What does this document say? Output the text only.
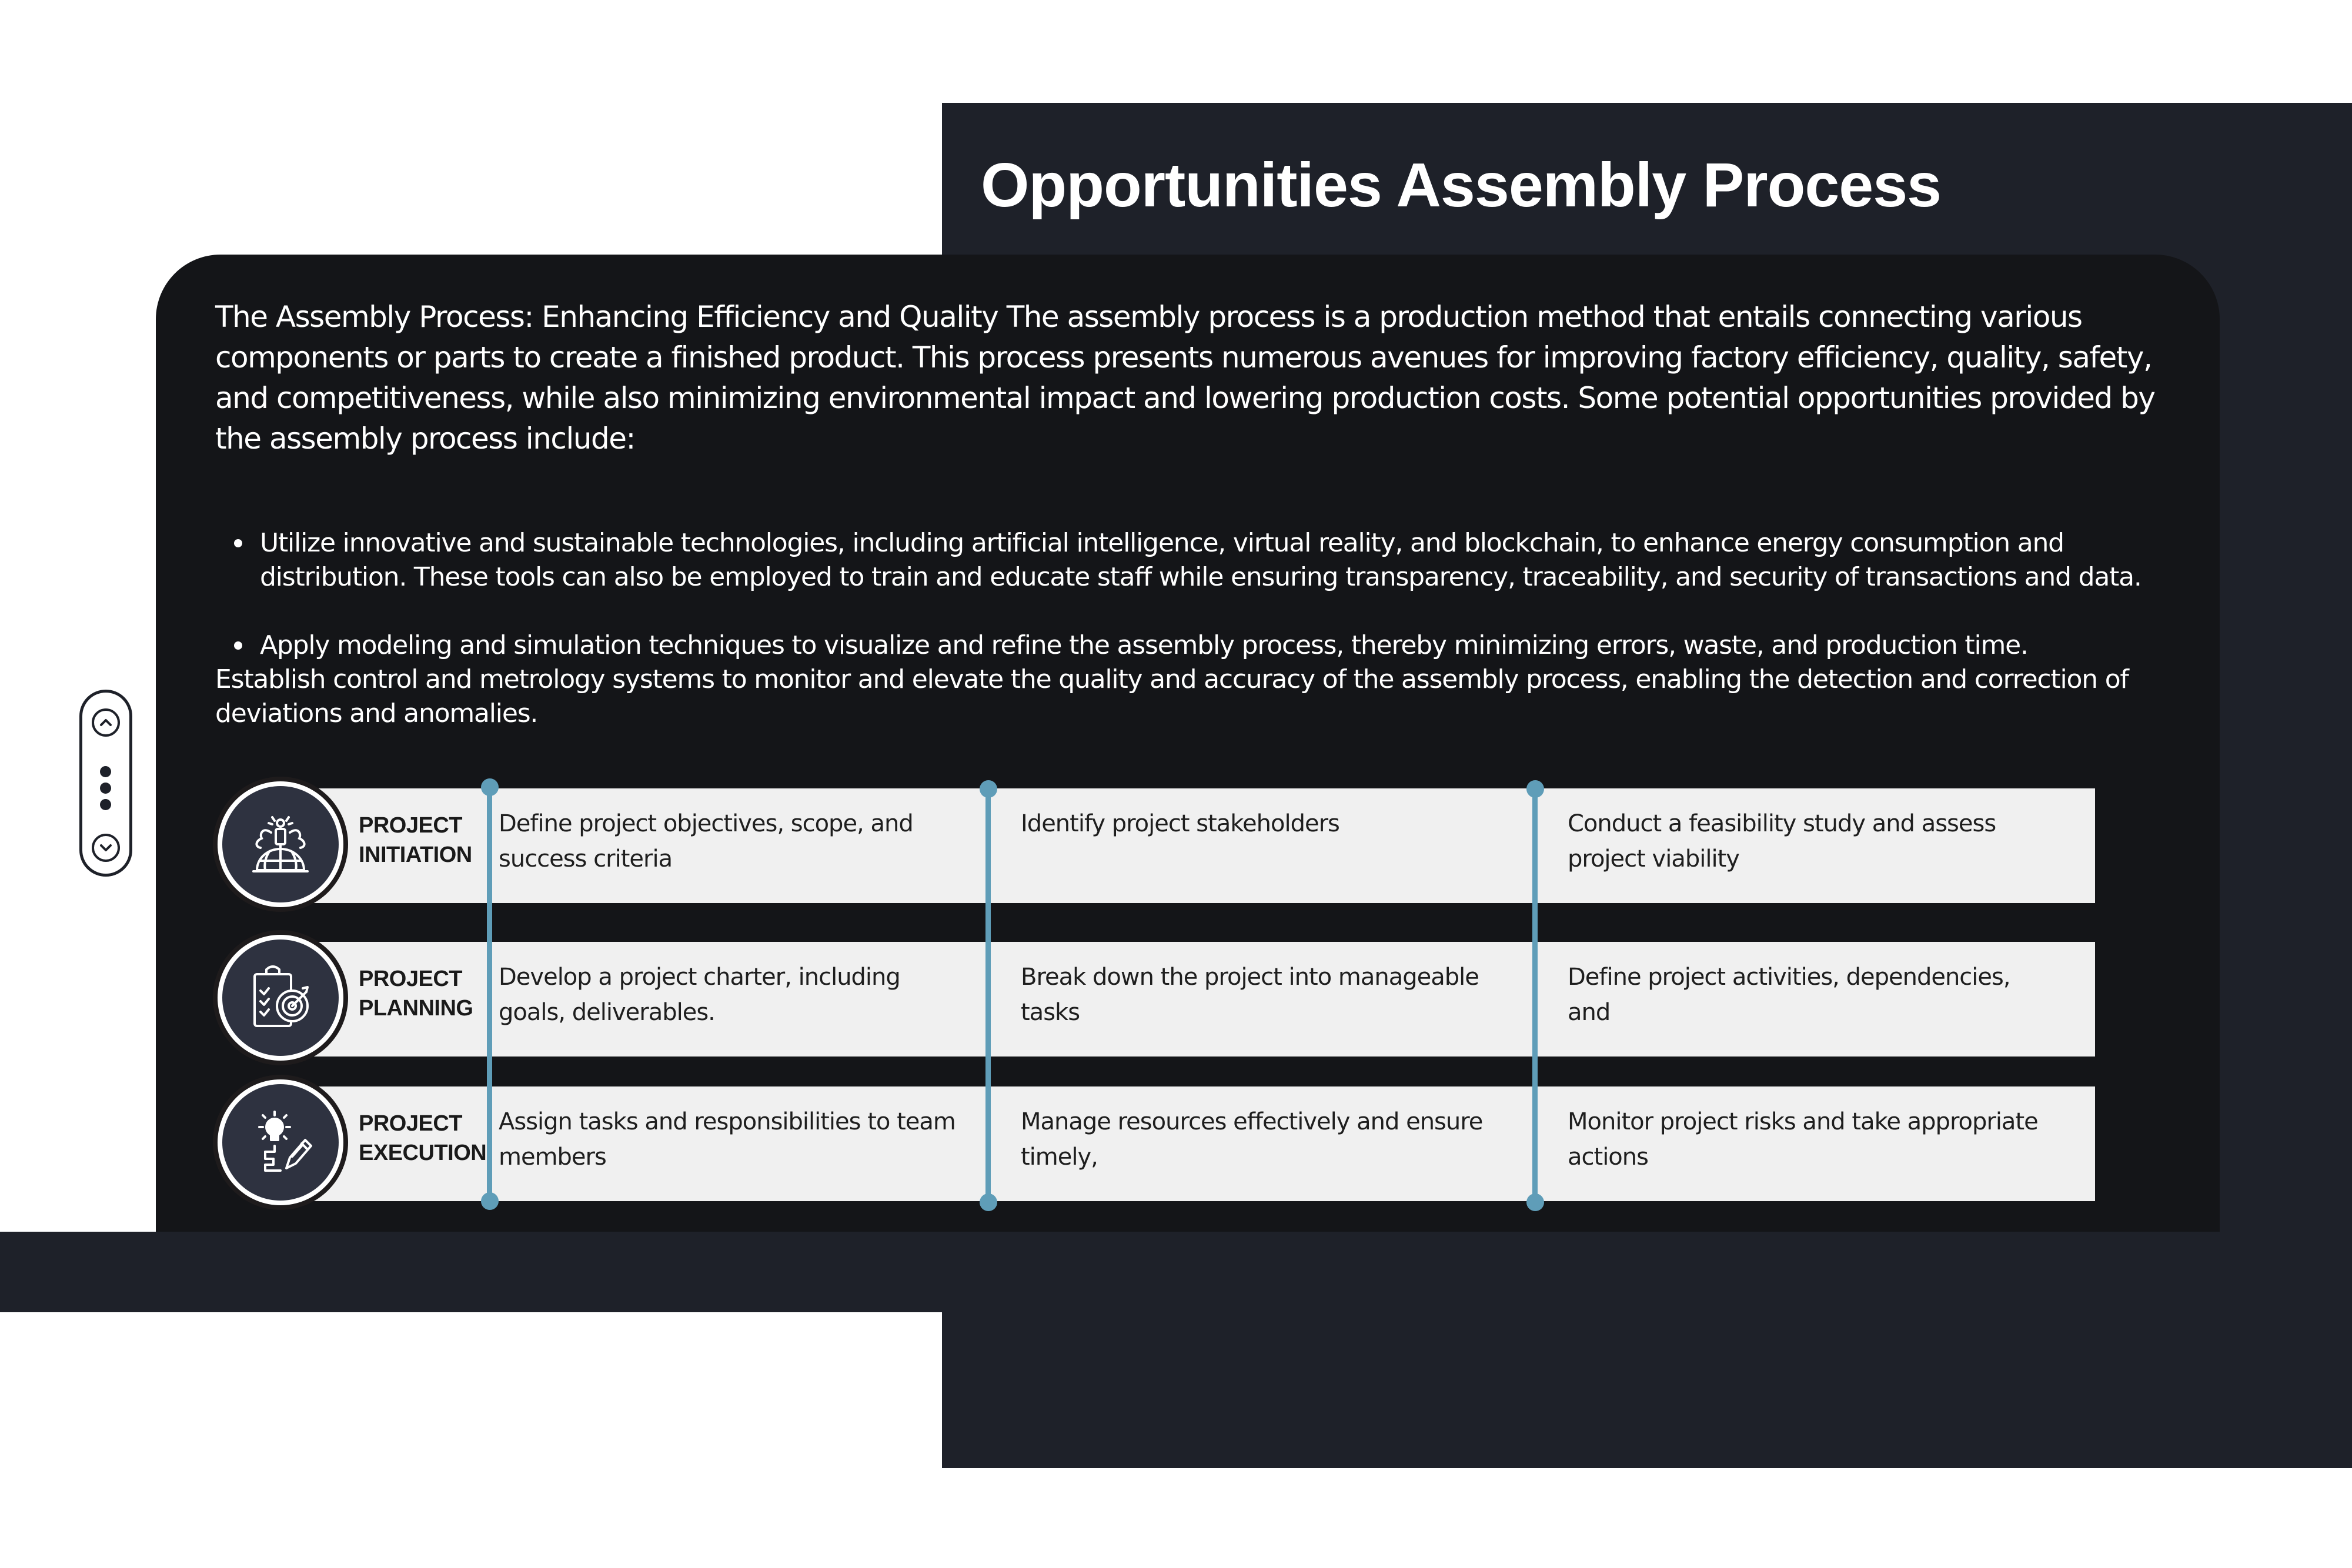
Opportunities Assembly Process
The Assembly Process: Enhancing Efficiency and Quality The assembly process is a production method that entails connecting various components or parts to create a finished product. This process presents numerous avenues for improving factory efficiency, quality, safety, and competitiveness, while also minimizing environmental impact and lowering production costs. Some potential opportunities provided by the assembly process include:
Utilize innovative and sustainable technologies, including artificial intelligence, virtual reality, and blockchain, to enhance energy consumption and distribution. These tools can also be employed to train and educate staff while ensuring transparency, traceability, and security of transactions and data.
Apply modeling and simulation techniques to visualize and refine the assembly process, thereby minimizing errors, waste, and production time.
Establish control and metrology systems to monitor and elevate the quality and accuracy of the assembly process, enabling the detection and correction of deviations and anomalies.
PROJECT
INITIATION
Define project objectives, scope, and success criteria
Identify project stakeholders	Conduct a feasibility study and assess project viability
PROJECT
PLANNING
Develop a project charter, including goals, deliverables.
Break down the project into manageable tasks
Define project activities, dependencies, and
PROJECT
EXECUTION
Assign tasks and responsibilities to team members
Manage resources effectively and ensure timely,
Monitor project risks and take appropriate actions
